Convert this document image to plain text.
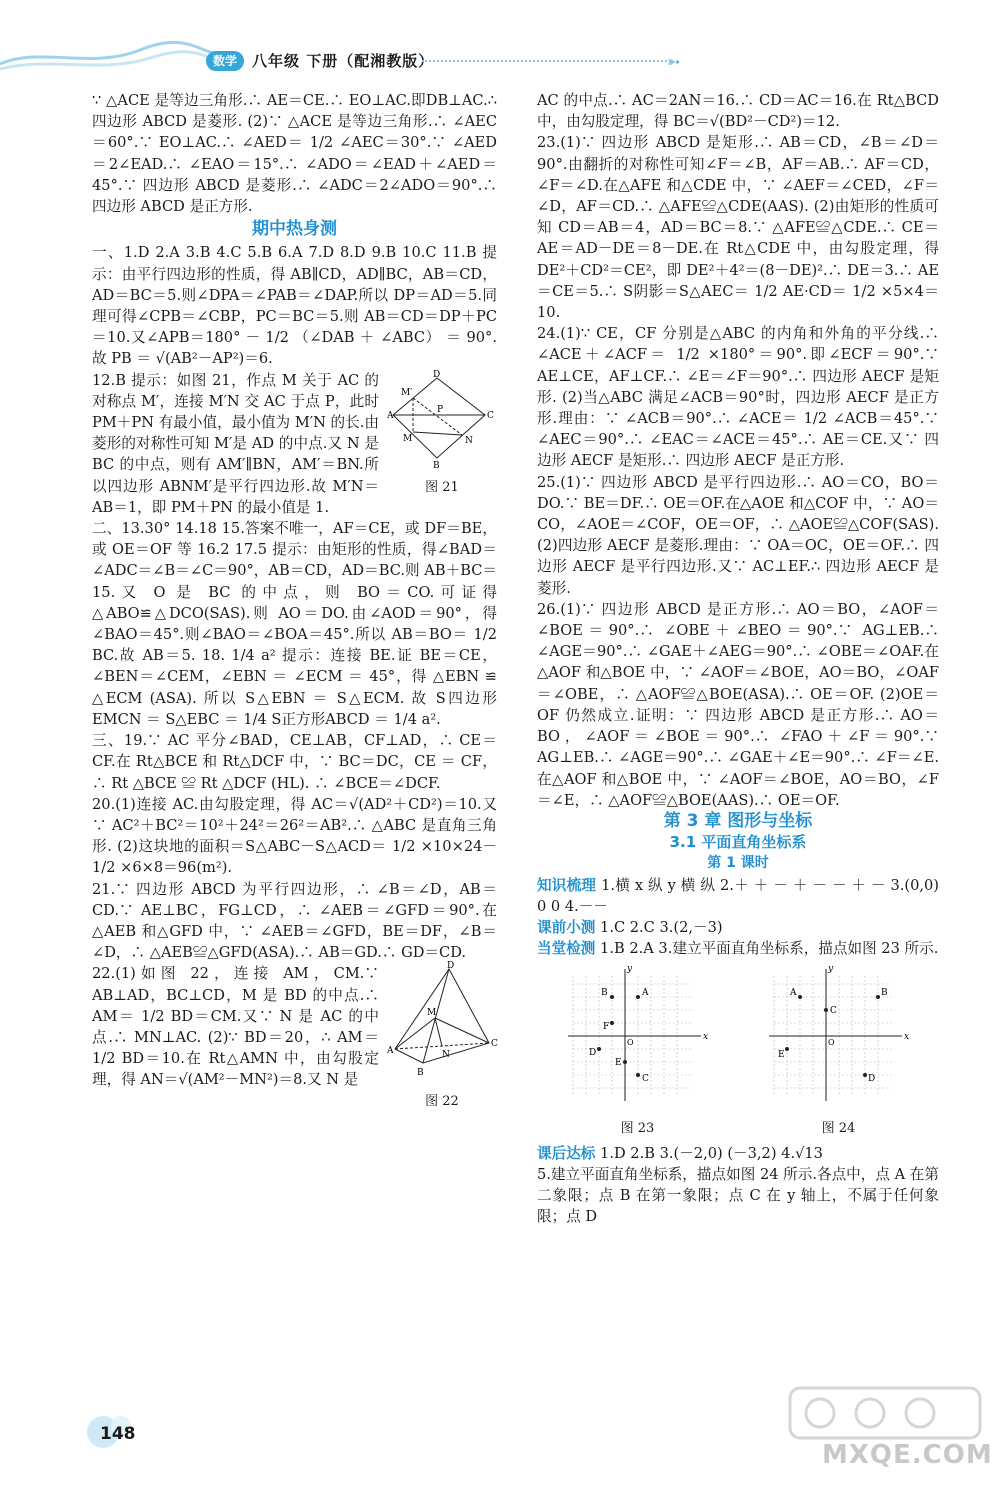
数学	八年级 下册（配湘教版）	➳

∵ △ACE 是等边三角形.∴ AE＝CE.∴ EO⊥AC.即DB⊥AC.∴ 四边形 ABCD 是菱形. (2)∵ △ACE 是等边三角形.∴ ∠AEC＝60°.∵ EO⊥AC.∴ ∠AED＝ 1/2 ∠AEC＝30°.∵ ∠AED＝2∠EAD.∴ ∠EAO＝15°.∴ ∠ADO＝∠EAD＋∠AED＝45°.∵ 四边形 ABCD 是菱形.∴ ∠ADC＝2∠ADO＝90°.∴ 四边形 ABCD 是正方形.

期中热身测

一、1.D 2.A 3.B 4.C 5.B 6.A 7.D 8.D 9.B 10.C 11.B 提示：由平行四边形的性质，得 AB∥CD，AD∥BC，AB＝CD，AD＝BC＝5.则∠DPA＝∠PAB＝∠DAP.所以 DP＝AD＝5.同理可得∠CPB＝∠CBP，PC＝BC＝5.则 AB＝CD＝DP＋PC＝10.又∠APB＝180° － 1/2 （∠DAB ＋ ∠ABC） ＝ 90°. 故 PB ＝ √(AB²－AP²)＝6.

D
A	C
B
M′
P
M	N
图 21

12.B 提示：如图 21，作点 M 关于 AC 的对称点 M′，连接 M′N 交 AC 于点 P，此时 PM＋PN 有最小值，最小值为 M′N 的长.由菱形的对称性可知 M′是 AD 的中点.又 N 是 BC 的中点，则有 AM′∥BN，AM′＝BN.所以四边形 ABNM′是平行四边形.故 M′N＝AB＝1，即 PM＋PN 的最小值是 1.

二、13.30° 14.18 15.答案不唯一，AF＝CE，或 DF＝BE，或 OE＝OF 等 16.2 17.5 提示：由矩形的性质，得∠BAD＝∠ADC＝∠B＝∠C＝90°，AB＝CD，AD＝BC.则 AB＋BC＝15.又 O 是 BC 的中点，则 BO＝CO.可证得△ABO≌△DCO(SAS).则 AO＝DO.由∠AOD＝90°，得∠BAO＝45°.则∠BAO＝∠BOA＝45°.所以 AB＝BO＝ 1/2 BC.故 AB＝5. 18. 1/4 a² 提示：连接 BE.证 BE＝CE，∠BEN＝∠CEM，∠EBN ＝ ∠ECM ＝ 45°，得 △EBN ≌ △ECM (ASA). 所以 S△EBN ＝ S△ECM. 故 S四边形EMCN ＝ S△EBC ＝ 1/4 S正方形ABCD ＝ 1/4 a².

三、19.∵ AC 平分∠BAD，CE⊥AB，CF⊥AD，∴ CE＝CF.在 Rt△BCE 和 Rt△DCF 中，∵ BC＝DC，CE ＝ CF，∴ Rt △BCE ≌ Rt △DCF (HL). ∴ ∠BCE＝∠DCF.

20.(1)连接 AC.由勾股定理，得 AC＝√(AD²＋CD²)＝10.又∵ AC²＋BC²＝10²＋24²＝26²＝AB².∴ △ABC 是直角三角形. (2)这块地的面积＝S△ABC－S△ACD＝ 1/2 ×10×24－ 1/2 ×6×8＝96(m²).

21.∵ 四边形 ABCD 为平行四边形，∴ ∠B＝∠D，AB＝CD.∵ AE⊥BC，FG⊥CD，∴ ∠AEB＝∠GFD＝90°.在△AEB 和△GFD 中，∵ ∠AEB＝∠GFD，BE＝DF，∠B＝∠D，∴ △AEB≌△GFD(ASA).∴ AB＝GD.∴ GD＝CD.

D
A
C
B
M
N
图 22

22.(1)如图 22，连接 AM，CM.∵ AB⊥AD，BC⊥CD，M 是 BD 的中点.∴ AM＝ 1/2 BD＝CM.又∵ N 是 AC 的中点.∴ MN⊥AC. (2)∵ BD＝20，∴ AM＝ 1/2 BD＝10.在 Rt△AMN 中，由勾股定理，得 AN＝√(AM²－MN²)＝8.又 N 是

AC 的中点.∴ AC＝2AN＝16.∴ CD＝AC＝16.在 Rt△BCD 中，由勾股定理，得 BC＝√(BD²－CD²)＝12.

23.(1)∵ 四边形 ABCD 是矩形.∴ AB＝CD，∠B＝∠D＝90°.由翻折的对称性可知∠F＝∠B，AF＝AB.∴ AF＝CD，∠F＝∠D.在△AFE 和△CDE 中，∵ ∠AEF＝∠CED，∠F＝∠D，AF＝CD.∴ △AFE≌△CDE(AAS). (2)由矩形的性质可知 CD＝AB＝4，AD＝BC＝8.∵ △AFE≌△CDE.∴ CE＝AE＝AD－DE＝8－DE.在 Rt△CDE 中，由勾股定理，得 DE²＋CD²＝CE²，即 DE²＋4²＝(8－DE)².∴ DE＝3.∴ AE＝CE＝5.∴ S阴影＝S△AEC＝ 1/2 AE·CD＝ 1/2 ×5×4＝10.

24.(1)∵ CE，CF 分别是△ABC 的内角和外角的平分线.∴ ∠ACE＋∠ACF＝ 1/2 ×180°＝90°.即∠ECF＝90°.∵ AE⊥CE，AF⊥CF.∴ ∠E＝∠F＝90°.∴ 四边形 AECF 是矩形. (2)当△ABC 满足∠ACB＝90°时，四边形 AECF 是正方形.理由：∵ ∠ACB＝90°.∴ ∠ACE＝ 1/2 ∠ACB＝45°.∵ ∠AEC＝90°.∴ ∠EAC＝∠ACE＝45°.∴ AE＝CE.又∵ 四边形 AECF 是矩形.∴ 四边形 AECF 是正方形.

25.(1)∵ 四边形 ABCD 是平行四边形.∴ AO＝CO，BO＝DO.∵ BE＝DF.∴ OE＝OF.在△AOE 和△COF 中，∵ AO＝CO，∠AOE＝∠COF，OE＝OF，∴ △AOE≌△COF(SAS). (2)四边形 AECF 是菱形.理由：∵ OA＝OC，OE＝OF.∴ 四边形 AECF 是平行四边形.又∵ AC⊥EF.∴ 四边形 AECF 是菱形.

26.(1)∵ 四边形 ABCD 是正方形.∴ AO＝BO，∠AOF＝∠BOE＝90°.∴ ∠OBE＋∠BEO＝90°.∵ AG⊥EB.∴ ∠AGE＝90°.∴ ∠GAE＋∠AEG＝90°.∴ ∠OBE＝∠OAF.在△AOF 和△BOE 中，∵ ∠AOF＝∠BOE，AO＝BO，∠OAF＝∠OBE，∴ △AOF≌△BOE(ASA).∴ OE＝OF. (2)OE＝OF 仍然成立.证明：∵ 四边形 ABCD 是正方形.∴ AO＝BO，∠AOF＝∠BOE＝90°.∴ ∠FAO＋∠F＝90°.∵ AG⊥EB.∴ ∠AGE＝90°.∴ ∠GAE＋∠E＝90°.∴ ∠F＝∠E.在△AOF 和△BOE 中，∵ ∠AOF＝∠BOE，AO＝BO，∠F＝∠E，∴ △AOF≌△BOE(AAS).∴ OE＝OF.

第 3 章 图形与坐标
3.1 平面直角坐标系
第 1 课时

知识梳理 1.横 x 纵 y 横 纵 2.＋ ＋ － ＋ － － ＋ － 3.(0,0) 0 0 4.－－

课前小测 1.C 2.C 3.(2,－3)

当堂检测 1.B 2.A 3.建立平面直角坐标系，描点如图 23 所示.

x
y
O
B	A
F
D
E
C
图 23
x
y
O
A	B
C
E
D
图 24

课后达标 1.D 2.B 3.(－2,0) (－3,2) 4.√13

5.建立平面直角坐标系，描点如图 24 所示.各点中，点 A 在第二象限；点 B 在第一象限；点 C 在 y 轴上，不属于任何象限；点 D

148
MXQE.COM
